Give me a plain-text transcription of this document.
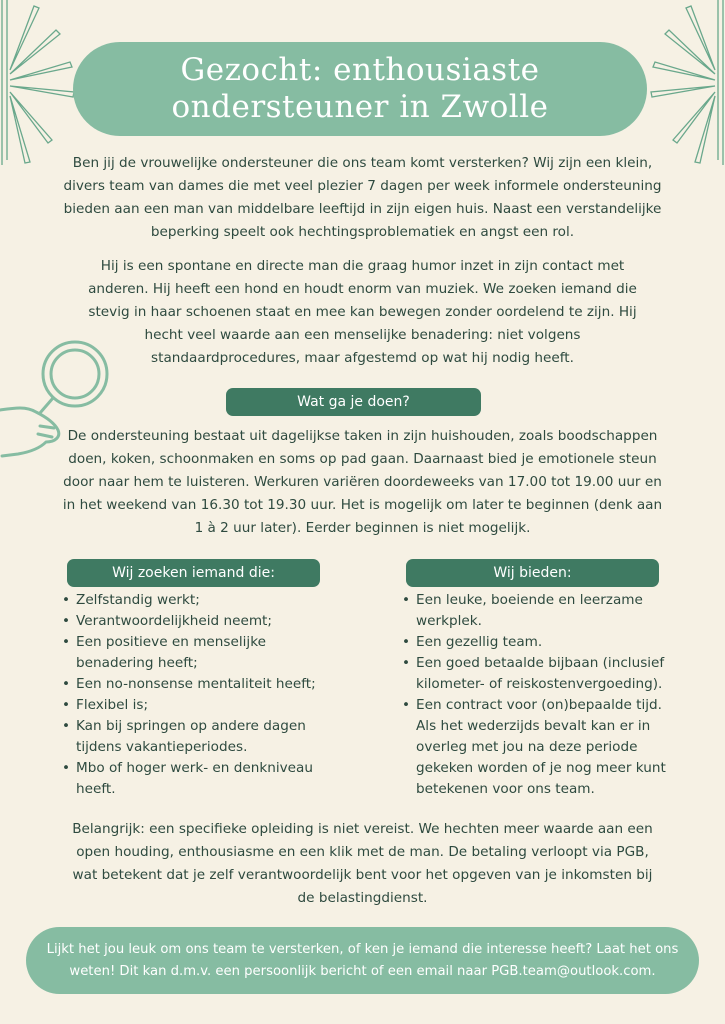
Gezocht: enthousiaste
ondersteuner in Zwolle

Ben jij de vrouwelijke ondersteuner die ons team komt versterken? Wij zijn een klein, divers team van dames die met veel plezier 7 dagen per week informele ondersteuning bieden aan een man van middelbare leeftijd in zijn eigen huis. Naast een verstandelijke beperking speelt ook hechtingsproblematiek en angst een rol.

Hij is een spontane en directe man die graag humor inzet in zijn contact met anderen. Hij heeft een hond en houdt enorm van muziek. We zoeken iemand die stevig in haar schoenen staat en mee kan bewegen zonder oordelend te zijn. Hij hecht veel waarde aan een menselijke benadering: niet volgens standaardprocedures, maar afgestemd op wat hij nodig heeft.

Wat ga je doen?

De ondersteuning bestaat uit dagelijkse taken in zijn huishouden, zoals boodschappen doen, koken, schoonmaken en soms op pad gaan. Daarnaast bied je emotionele steun door naar hem te luisteren. Werkuren variëren doordeweeks van 17.00 tot 19.00 uur en in het weekend van 16.30 tot 19.30 uur. Het is mogelijk om later te beginnen (denk aan 1 à 2 uur later). Eerder beginnen is niet mogelijk.

Wij zoeken iemand die:
• Zelfstandig werkt;
• Verantwoordelijkheid neemt;
• Een positieve en menselijke benadering heeft;
• Een no-nonsense mentaliteit heeft;
• Flexibel is;
• Kan bij springen op andere dagen tijdens vakantieperiodes.
• Mbo of hoger werk- en denkniveau heeft.
Wij bieden:
• Een leuke, boeiende en leerzame werkplek.
• Een gezellig team.
• Een goed betaalde bijbaan (inclusief kilometer- of reiskostenvergoeding).
• Een contract voor (on)bepaalde tijd. Als het wederzijds bevalt kan er in overleg met jou na deze periode gekeken worden of je nog meer kunt betekenen voor ons team.

Belangrijk: een specifieke opleiding is niet vereist. We hechten meer waarde aan een open houding, enthousiasme en een klik met de man. De betaling verloopt via PGB, wat betekent dat je zelf verantwoordelijk bent voor het opgeven van je inkomsten bij de belastingdienst.

Lijkt het jou leuk om ons team te versterken, of ken je iemand die interesse heeft? Laat het ons weten! Dit kan d.m.v. een persoonlijk bericht of een email naar PGB.team@outlook.com.
